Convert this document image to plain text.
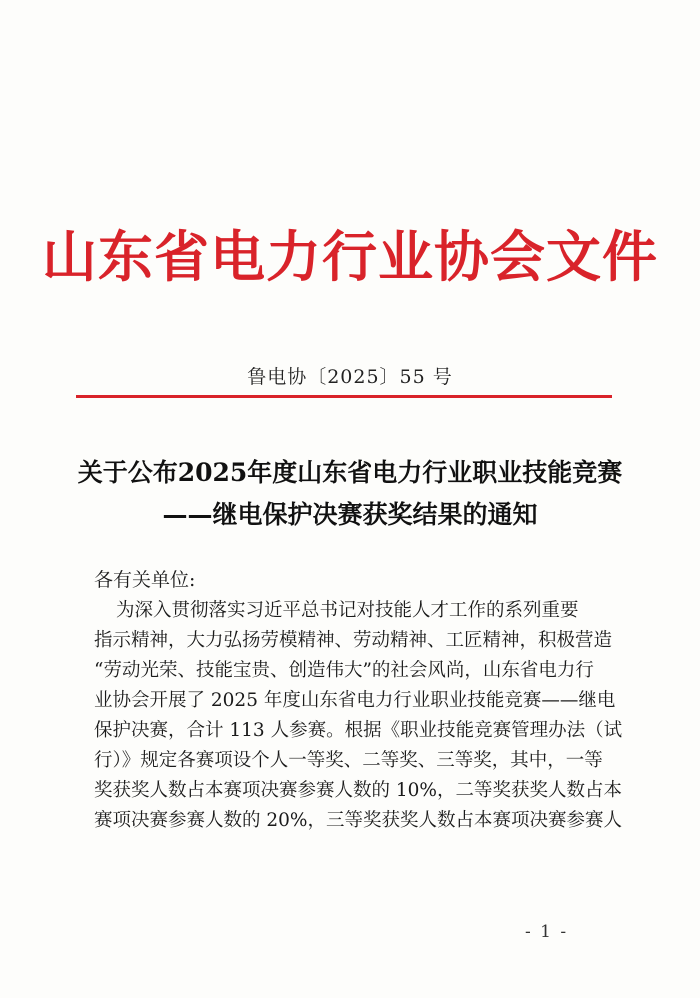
山东省电力行业协会文件
鲁电协〔2025〕55 号
关于公布2025年度山东省电力行业职业技能竞赛
——继电保护决赛获奖结果的通知
各有关单位:
为深入贯彻落实习近平总书记对技能人才工作的系列重要
指示精神，大力弘扬劳模精神、劳动精神、工匠精神，积极营造
“劳动光荣、技能宝贵、创造伟大”的社会风尚，山东省电力行
业协会开展了 2025 年度山东省电力行业职业技能竞赛——继电
保护决赛，合计 113 人参赛。根据《职业技能竞赛管理办法（试
行）》规定各赛项设个人一等奖、二等奖、三等奖，其中，一等
奖获奖人数占本赛项决赛参赛人数的 10%，二等奖获奖人数占本
赛项决赛参赛人数的 20%，三等奖获奖人数占本赛项决赛参赛人
- 1 -
